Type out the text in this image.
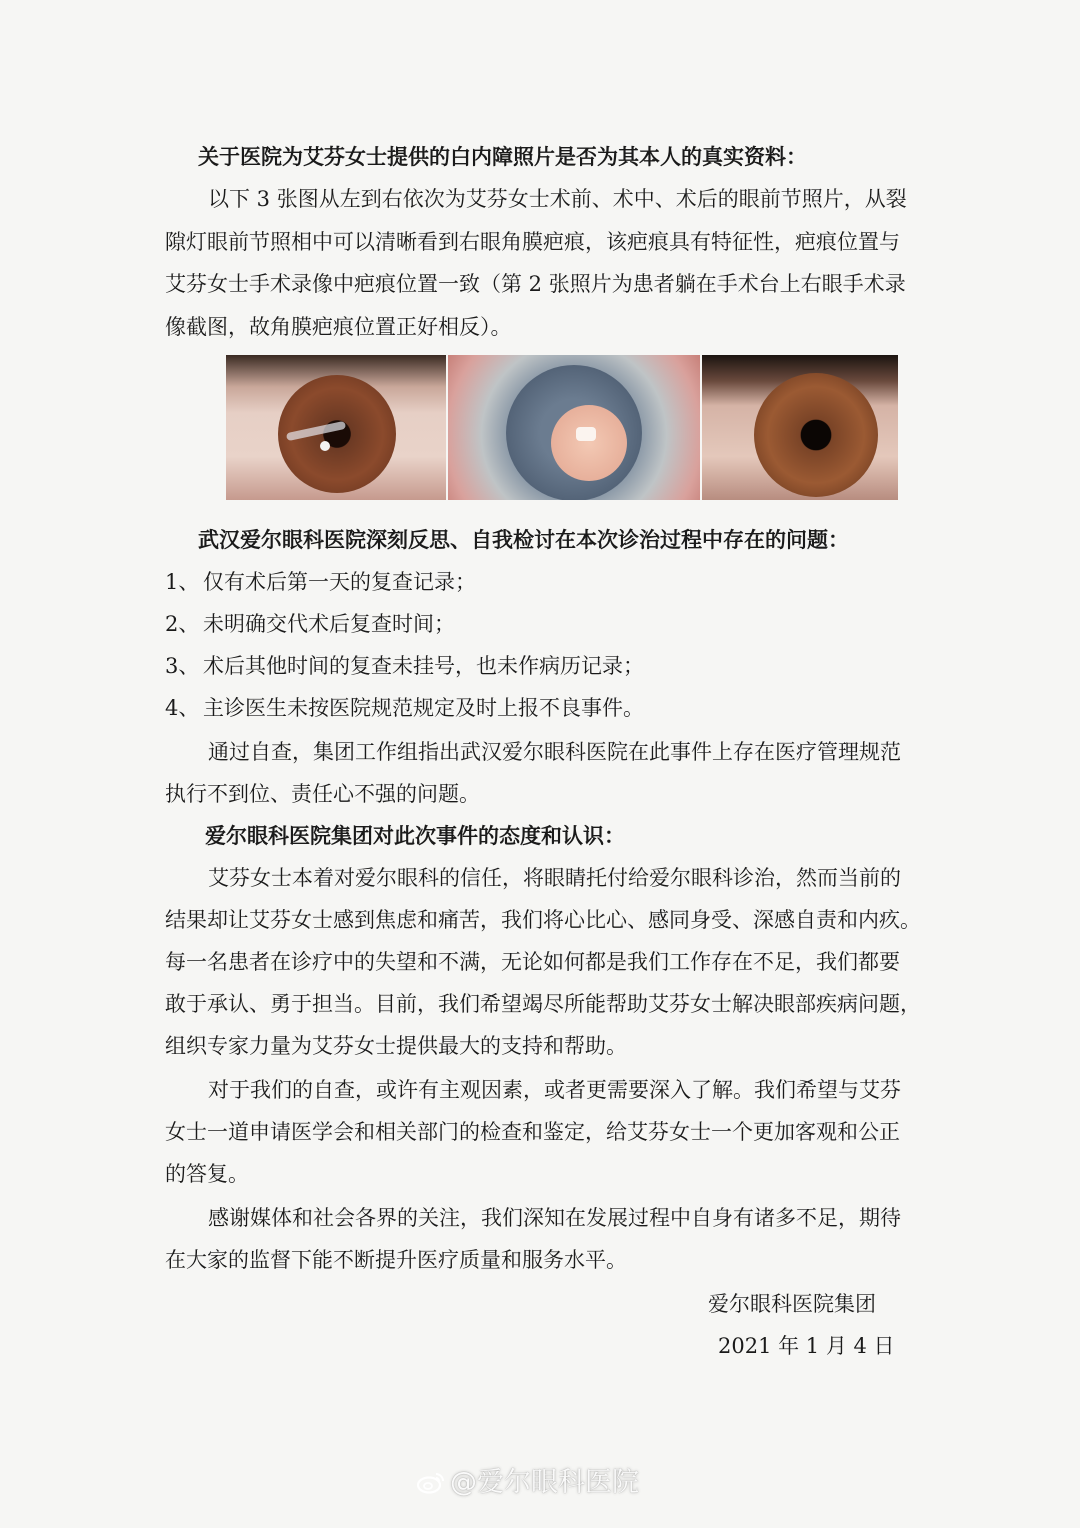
关于医院为艾芬女士提供的白内障照片是否为其本人的真实资料：
以下 3 张图从左到右依次为艾芬女士术前、术中、术后的眼前节照片，从裂
隙灯眼前节照相中可以清晰看到右眼角膜疤痕，该疤痕具有特征性，疤痕位置与
艾芬女士手术录像中疤痕位置一致（第 2 张照片为患者躺在手术台上右眼手术录
像截图，故角膜疤痕位置正好相反）。
武汉爱尔眼科医院深刻反思、自我检讨在本次诊治过程中存在的问题：
1、 仅有术后第一天的复查记录；
2、 未明确交代术后复查时间；
3、 术后其他时间的复查未挂号，也未作病历记录；
4、 主诊医生未按医院规范规定及时上报不良事件。
通过自查，集团工作组指出武汉爱尔眼科医院在此事件上存在医疗管理规范
执行不到位、责任心不强的问题。
爱尔眼科医院集团对此次事件的态度和认识：
艾芬女士本着对爱尔眼科的信任，将眼睛托付给爱尔眼科诊治，然而当前的
结果却让艾芬女士感到焦虑和痛苦，我们将心比心、感同身受、深感自责和内疚。
每一名患者在诊疗中的失望和不满，无论如何都是我们工作存在不足，我们都要
敢于承认、勇于担当。目前，我们希望竭尽所能帮助艾芬女士解决眼部疾病问题，
组织专家力量为艾芬女士提供最大的支持和帮助。
对于我们的自查，或许有主观因素，或者更需要深入了解。我们希望与艾芬
女士一道申请医学会和相关部门的检查和鉴定，给艾芬女士一个更加客观和公正
的答复。
感谢媒体和社会各界的关注，我们深知在发展过程中自身有诸多不足，期待
在大家的监督下能不断提升医疗质量和服务水平。
爱尔眼科医院集团
2021 年 1 月 4 日
@爱尔眼科医院
